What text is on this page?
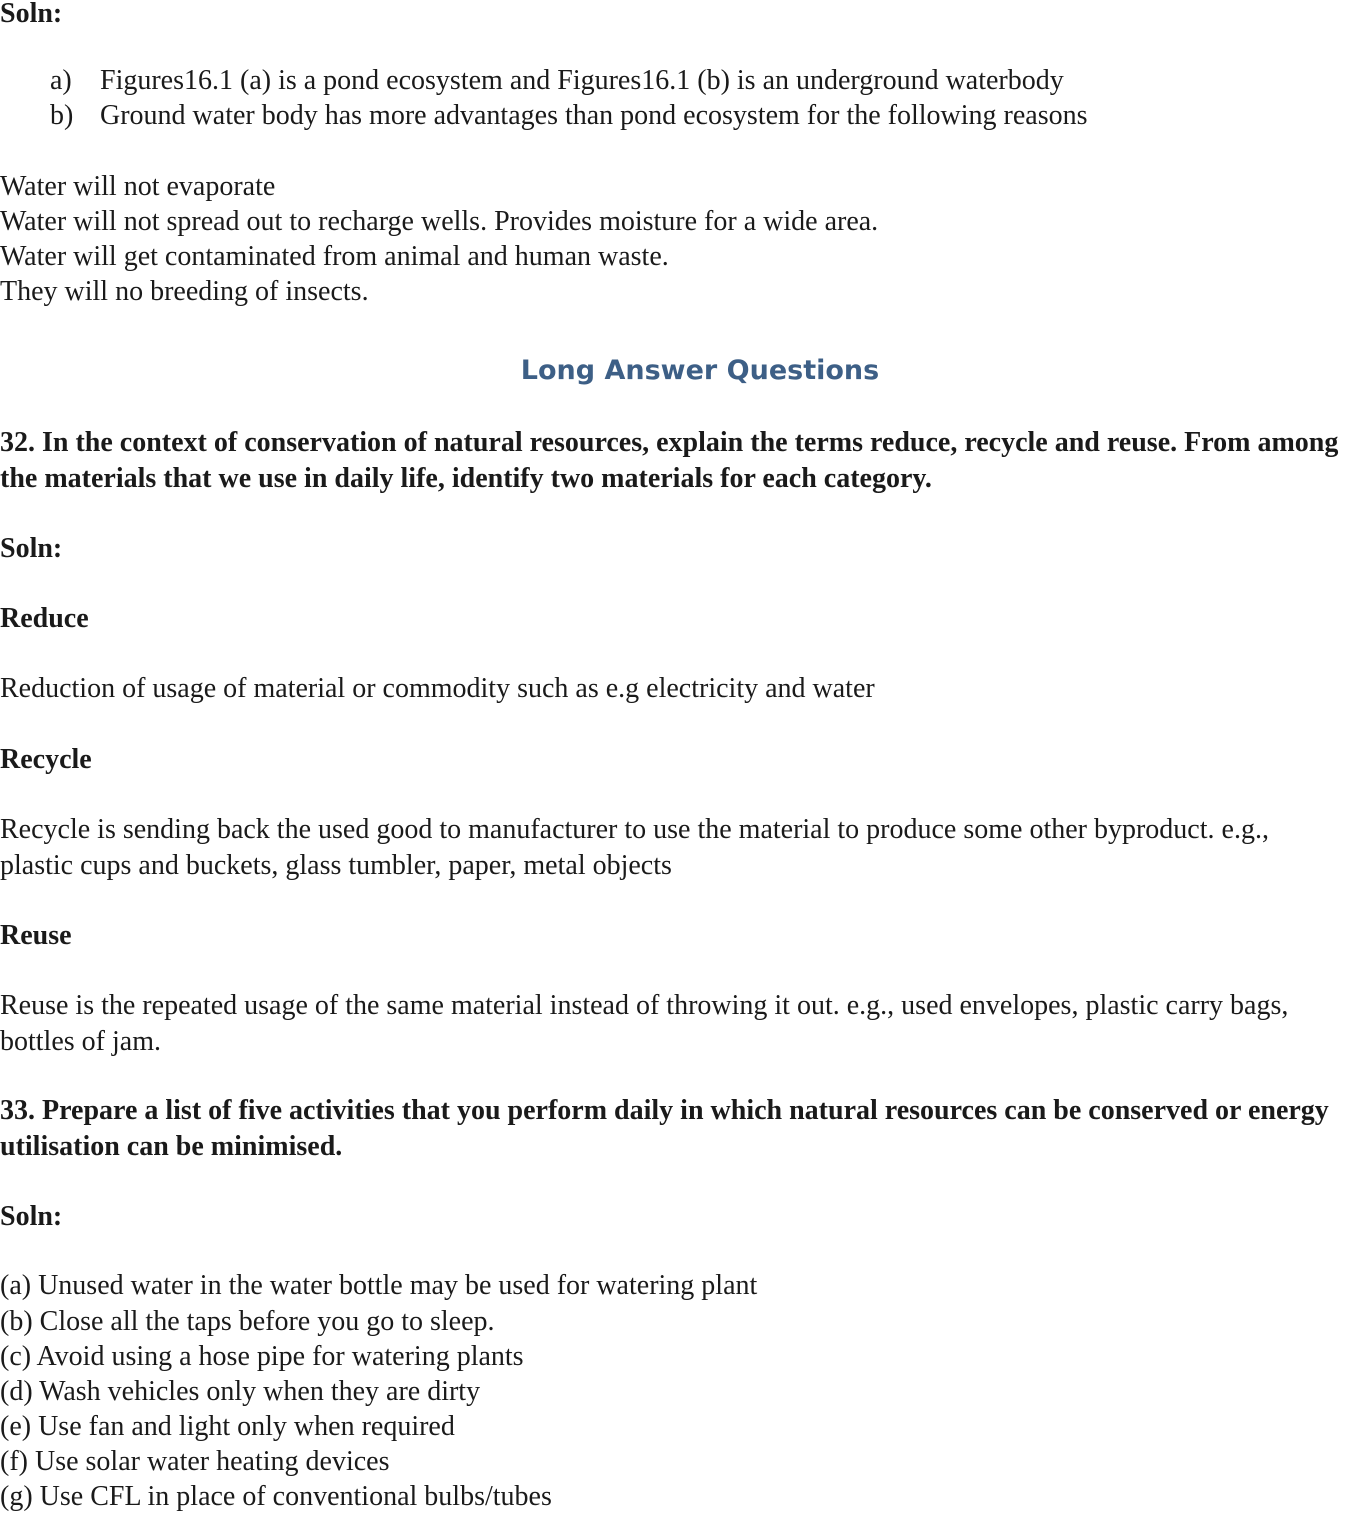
Soln:
a) Figures16.1 (a) is a pond ecosystem and Figures16.1 (b) is an underground waterbody
b) Ground water body has more advantages than pond ecosystem for the following reasons
Water will not evaporate
Water will not spread out to recharge wells. Provides moisture for a wide area.
Water will get contaminated from animal and human waste.
They will no breeding of insects.
Long Answer Questions
32. In the context of conservation of natural resources, explain the terms reduce, recycle and reuse. From among the materials that we use in daily life, identify two materials for each category.
Soln:
Reduce
Reduction of usage of material or commodity such as e.g electricity and water
Recycle
Recycle is sending back the used good to manufacturer to use the material to produce some other byproduct. e.g., plastic cups and buckets, glass tumbler, paper, metal objects
Reuse
Reuse is the repeated usage of the same material instead of throwing it out. e.g., used envelopes, plastic carry bags, bottles of jam.
33. Prepare a list of five activities that you perform daily in which natural resources can be conserved or energy utilisation can be minimised.
Soln:
(a) Unused water in the water bottle may be used for watering plant
(b) Close all the taps before you go to sleep.
(c) Avoid using a hose pipe for watering plants
(d) Wash vehicles only when they are dirty
(e) Use fan and light only when required
(f) Use solar water heating devices
(g) Use CFL in place of conventional bulbs/tubes
